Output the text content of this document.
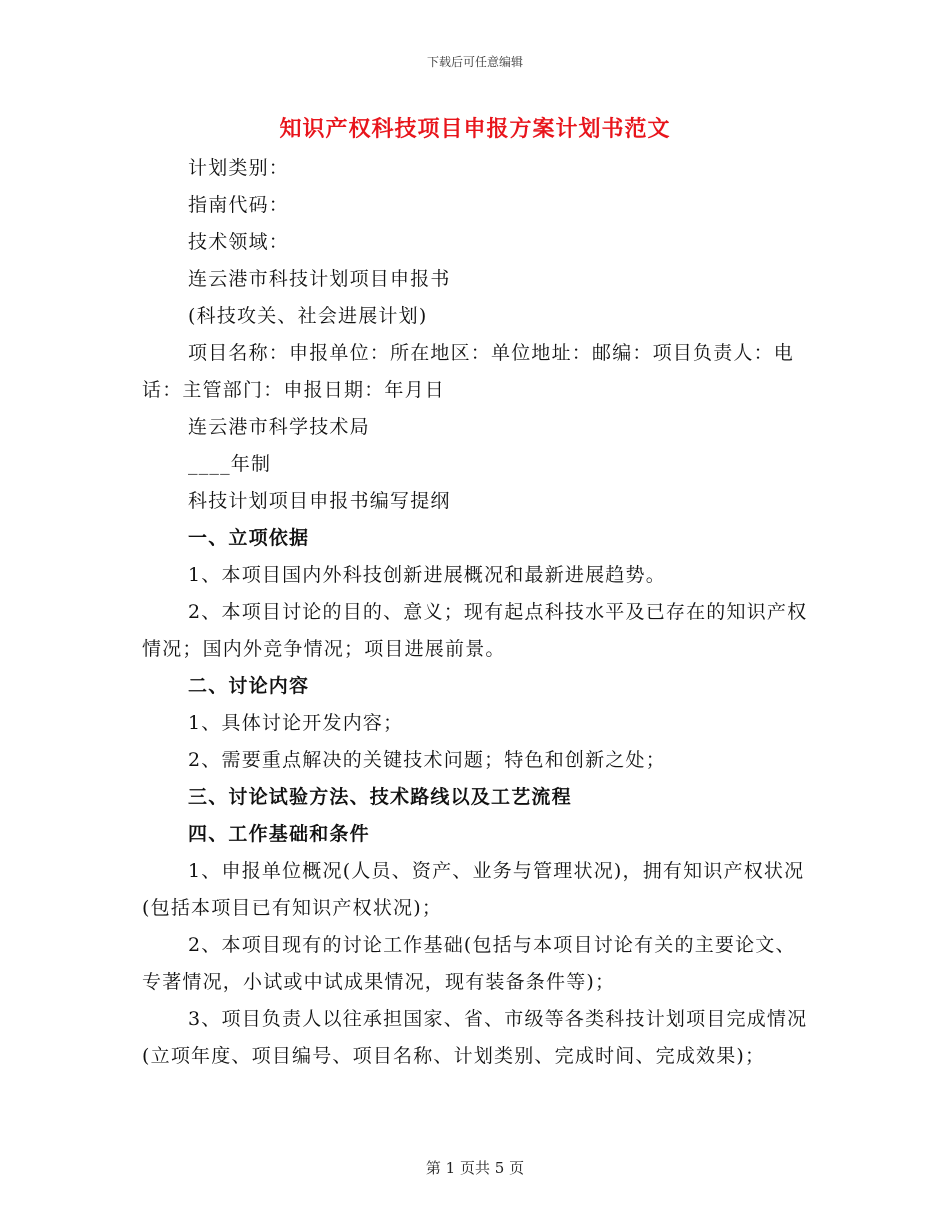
下载后可任意编辑
知识产权科技项目申报方案计划书范文

计划类别：

指南代码：

技术领域：

连云港市科技计划项目申报书

(科技攻关、社会进展计划)

项目名称：申报单位：所在地区：单位地址：邮编：项目负责人：电话：主管部门：申报日期：年月日

连云港市科学技术局

____年制

科技计划项目申报书编写提纲

一、立项依据

1、本项目国内外科技创新进展概况和最新进展趋势。

2、本项目讨论的目的、意义；现有起点科技水平及已存在的知识产权情况；国内外竞争情况；项目进展前景。

二、讨论内容

1、具体讨论开发内容；

2、需要重点解决的关键技术问题；特色和创新之处；

三、讨论试验方法、技术路线以及工艺流程

四、工作基础和条件

1、申报单位概况(人员、资产、业务与管理状况)，拥有知识产权状况(包括本项目已有知识产权状况)；

2、本项目现有的讨论工作基础(包括与本项目讨论有关的主要论文、专著情况，小试或中试成果情况，现有装备条件等)；

3、项目负责人以往承担国家、省、市级等各类科技计划项目完成情况(立项年度、项目编号、项目名称、计划类别、完成时间、完成效果)；

第 1 页共 5 页
